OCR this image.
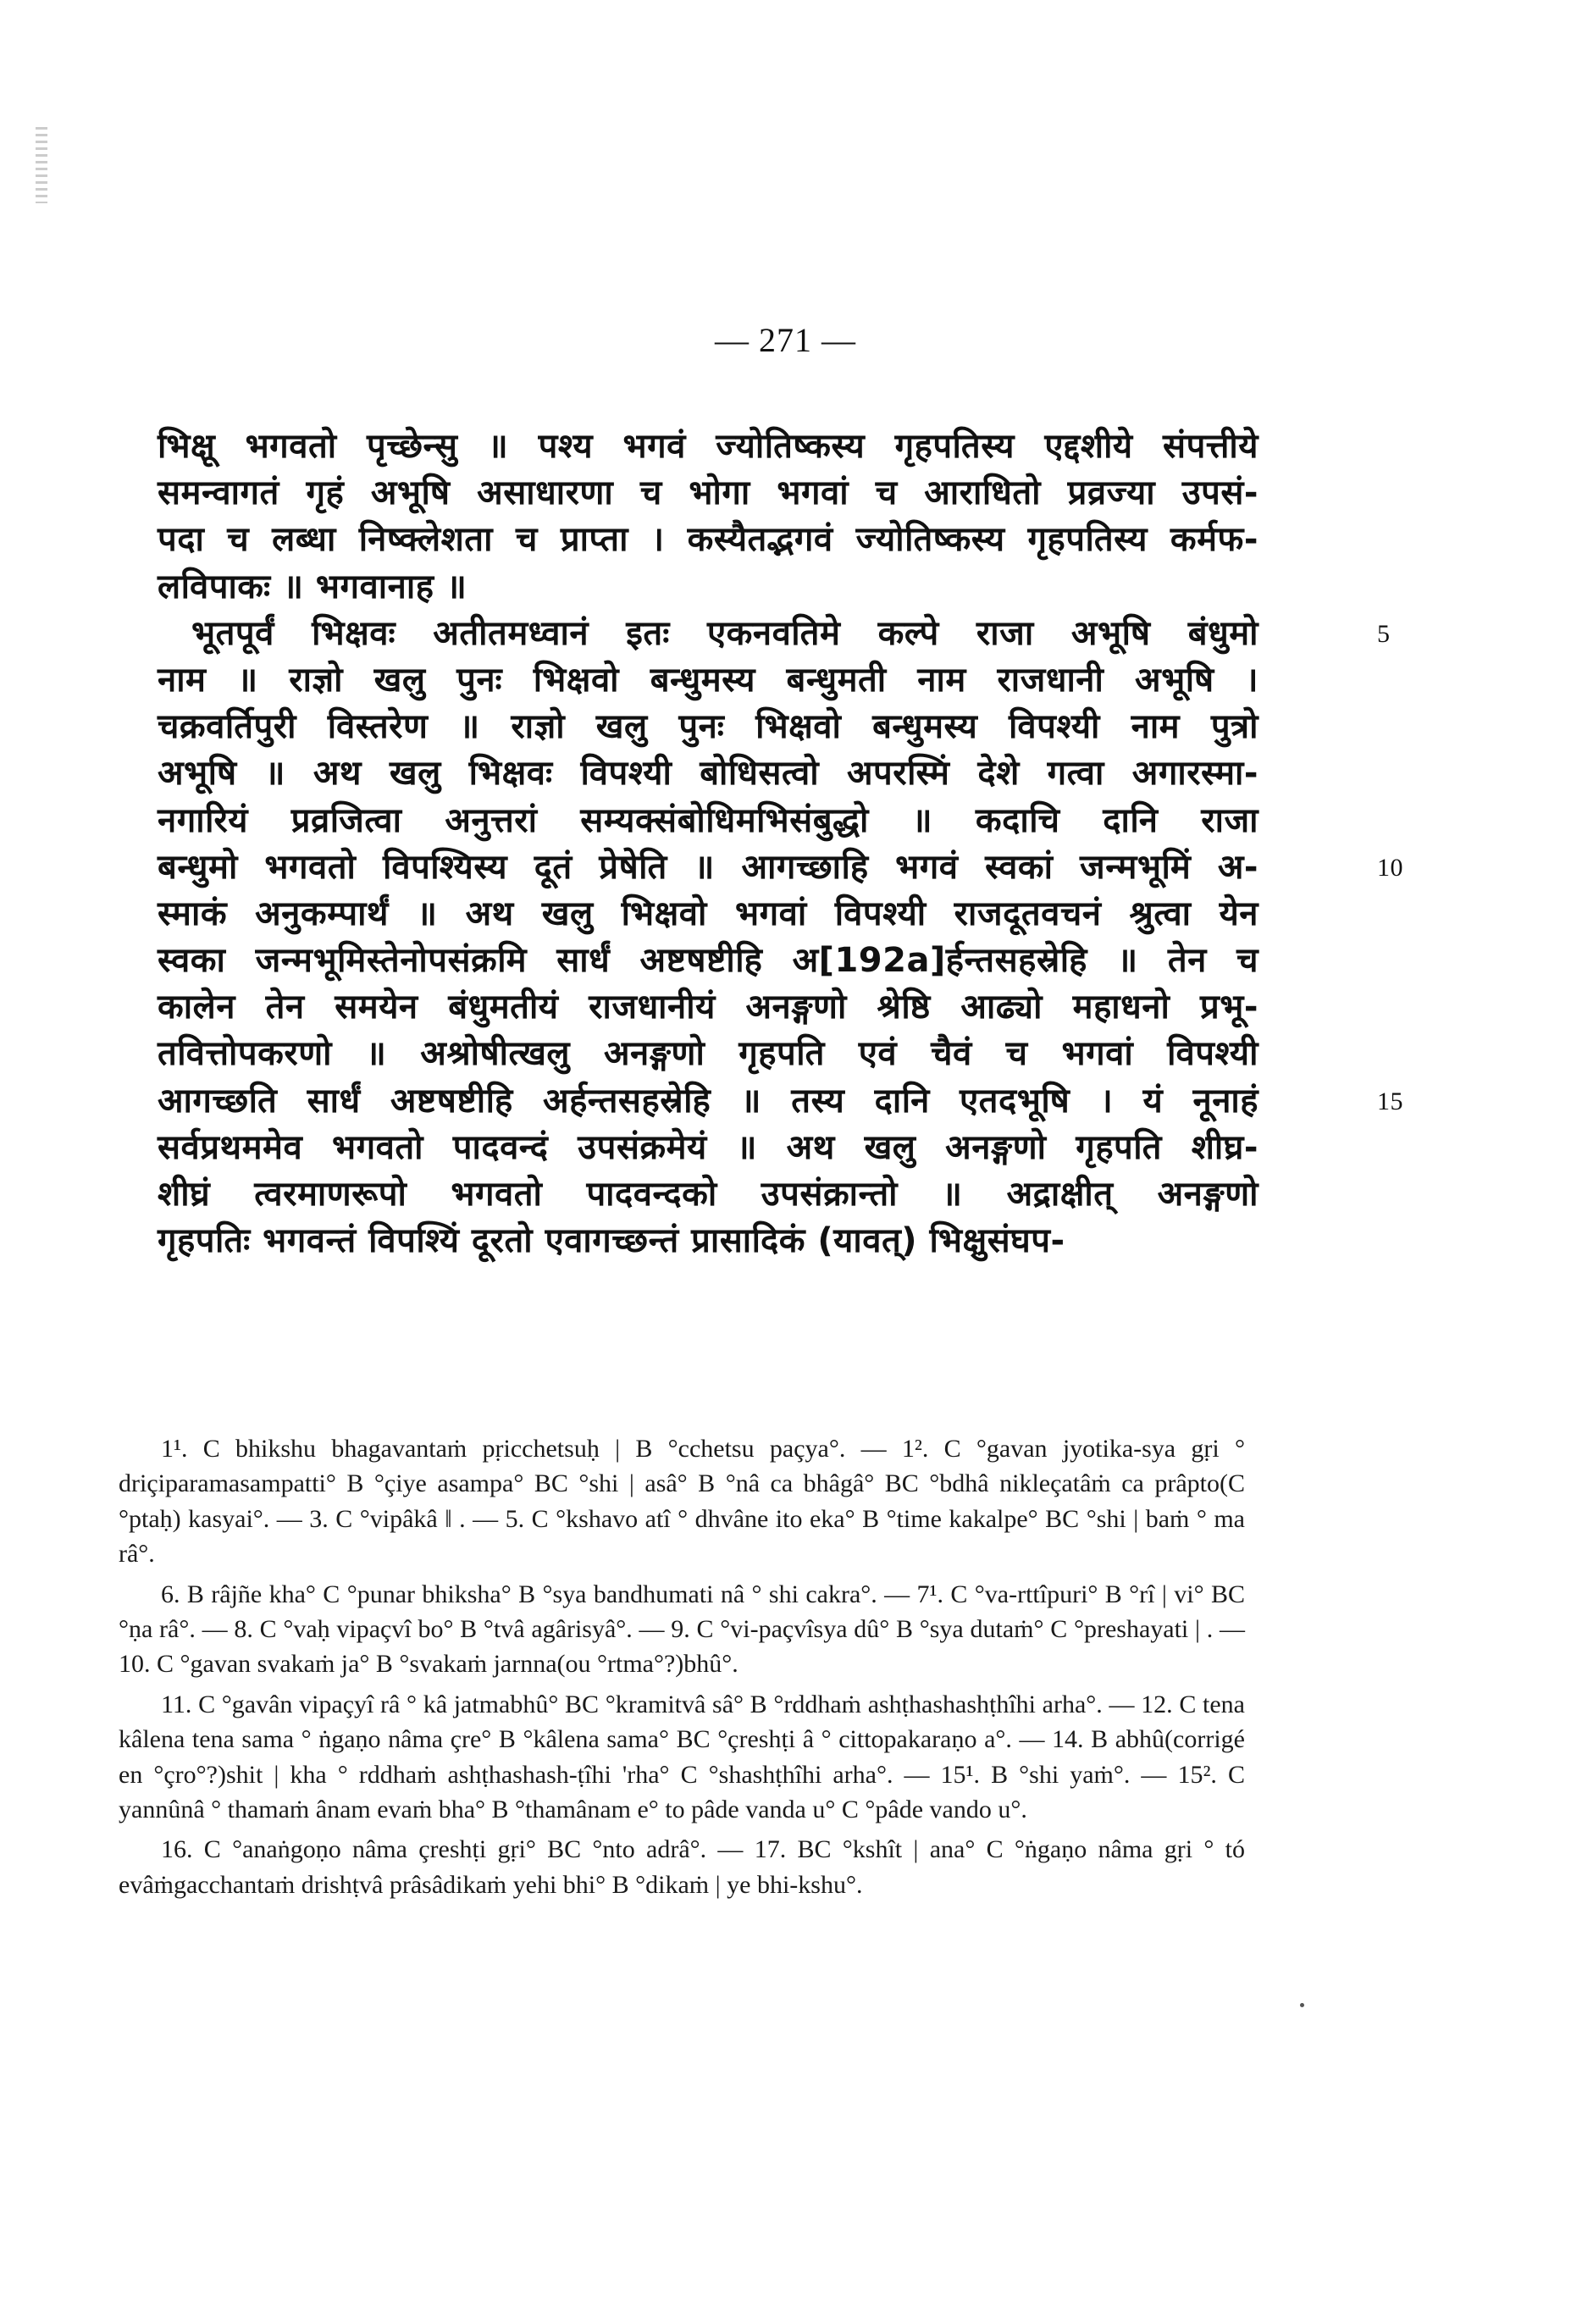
— 271 —
भिक्षू भगवतो पृच्छेन्सु ॥ पश्य भगवं ज्योतिष्कस्य गृहपतिस्य एद्दशीये संपत्तीये
समन्वागतं गृहं अभूषि असाधारणा च भोगा भगवां च आराधितो प्रव्रज्या उपसं-
पदा च लब्धा निष्क्लेशता च प्राप्ता । कस्यैतद्भगवं ज्योतिष्कस्य गृहपतिस्य कर्मफ-
लविपाकः ॥ भगवानाह ॥
भूतपूर्वं भिक्षवः अतीतमध्वानं इतः एकनवतिमे कल्पे राजा अभूषि बंधुमो	5
नाम ॥ राज्ञो खलु पुनः भिक्षवो बन्धुमस्य बन्धुमती नाम राजधानी अभूषि ।
चक्रवर्तिपुरी विस्तरेण ॥ राज्ञो खलु पुनः भिक्षवो बन्धुमस्य विपश्यी नाम पुत्रो
अभूषि ॥ अथ खलु भिक्षवः विपश्यी बोधिसत्वो अपरस्मिं देशे गत्वा अगारस्मा-
नगारियं प्रव्रजित्वा अनुत्तरां सम्यक्संबोधिमभिसंबुद्धो ॥ कदाचि दानि राजा
बन्धुमो भगवतो विपश्यिस्य दूतं प्रेषेति ॥ आगच्छाहि भगवं स्वकां जन्मभूमिं अ-	10
स्माकं अनुकम्पार्थं ॥ अथ खलु भिक्षवो भगवां विपश्यी राजदूतवचनं श्रुत्वा येन
स्वका जन्मभूमिस्तेनोपसंक्रमि सार्धं अष्टषष्टीहि अ[192a]र्हन्तसहस्रेहि ॥ तेन च
कालेन तेन समयेन बंधुमतीयं राजधानीयं अनङ्गणो श्रेष्ठि आढ्यो महाधनो प्रभू-
तवित्तोपकरणो ॥ अश्रोषीत्खलु अनङ्गणो गृहपति एवं चैवं च भगवां विपश्यी
आगच्छति सार्धं अष्टषष्टीहि अर्हन्तसहस्रेहि ॥ तस्य दानि एतदभूषि । यं नूनाहं	15
सर्वप्रथममेव भगवतो पादवन्दं उपसंक्रमेयं ॥ अथ खलु अनङ्गणो गृहपति शीघ्र-
शीघ्रं त्वरमाणरूपो भगवतो पादवन्दको उपसंक्रान्तो ॥ अद्राक्षीत् अनङ्गणो
गृहपतिः भगवन्तं विपश्यिं दूरतो एवागच्छन्तं प्रासादिकं (यावत्) भिक्षुसंघप-

1¹. C bhikshu bhagavantaṁ pṛicchetsuḥ | B °cchetsu paçya°. — 1². C °gavan jyotika-sya gṛi ° driçiparamasampatti° B °çiye asampa° BC °shi | asâ° B °nâ ca bhâgâ° BC °bdhâ nikleçatâṁ ca prâpto(C °ptaḥ) kasyai°. — 3. C °vipâkâ ‖ . — 5. C °kshavo atî ° dhvâne ito eka° B °time kakalpe° BC °shi | baṁ ° ma râ°.

6. B râjñe kha° C °punar bhiksha° B °sya bandhumati nâ ° shi cakra°. — 7¹. C °va-rttîpuri° B °rî | vi° BC °ṇa râ°. — 8. C °vaḥ vipaçvî bo° B °tvâ agârisyâ°. — 9. C °vi-paçvîsya dû° B °sya dutaṁ° C °preshayati | . — 10. C °gavan svakaṁ ja° B °svakaṁ jarnna(ou °rtma°?)bhû°.

11. C °gavân vipaçyî râ ° kâ jatmabhû° BC °kramitvâ sâ° B °rddhaṁ ashṭhashashṭhîhi arha°. — 12. C tena kâlena tena sama ° ṅgaṇo nâma çre° B °kâlena sama° BC °çreshṭi â ° cittopakaraṇo a°. — 14. B abhû(corrigé en °çro°?)shit | kha ° rddhaṁ ashṭhashash-ṭîhi 'rha° C °shashṭhîhi arha°. — 15¹. B °shi yaṁ°. — 15². C yannûnâ ° thamaṁ ânam evaṁ bha° B °thamânam e° to pâde vanda u° C °pâde vando u°.

16. C °anaṅgoṇo nâma çreshṭi gṛi° BC °nto adrâ°. — 17. BC °kshît | ana° C °ṅgaṇo nâma gṛi ° tó evâṁgacchantaṁ drishṭvâ prâsâdikaṁ yehi bhi° B °dikaṁ | ye bhi-kshu°.
